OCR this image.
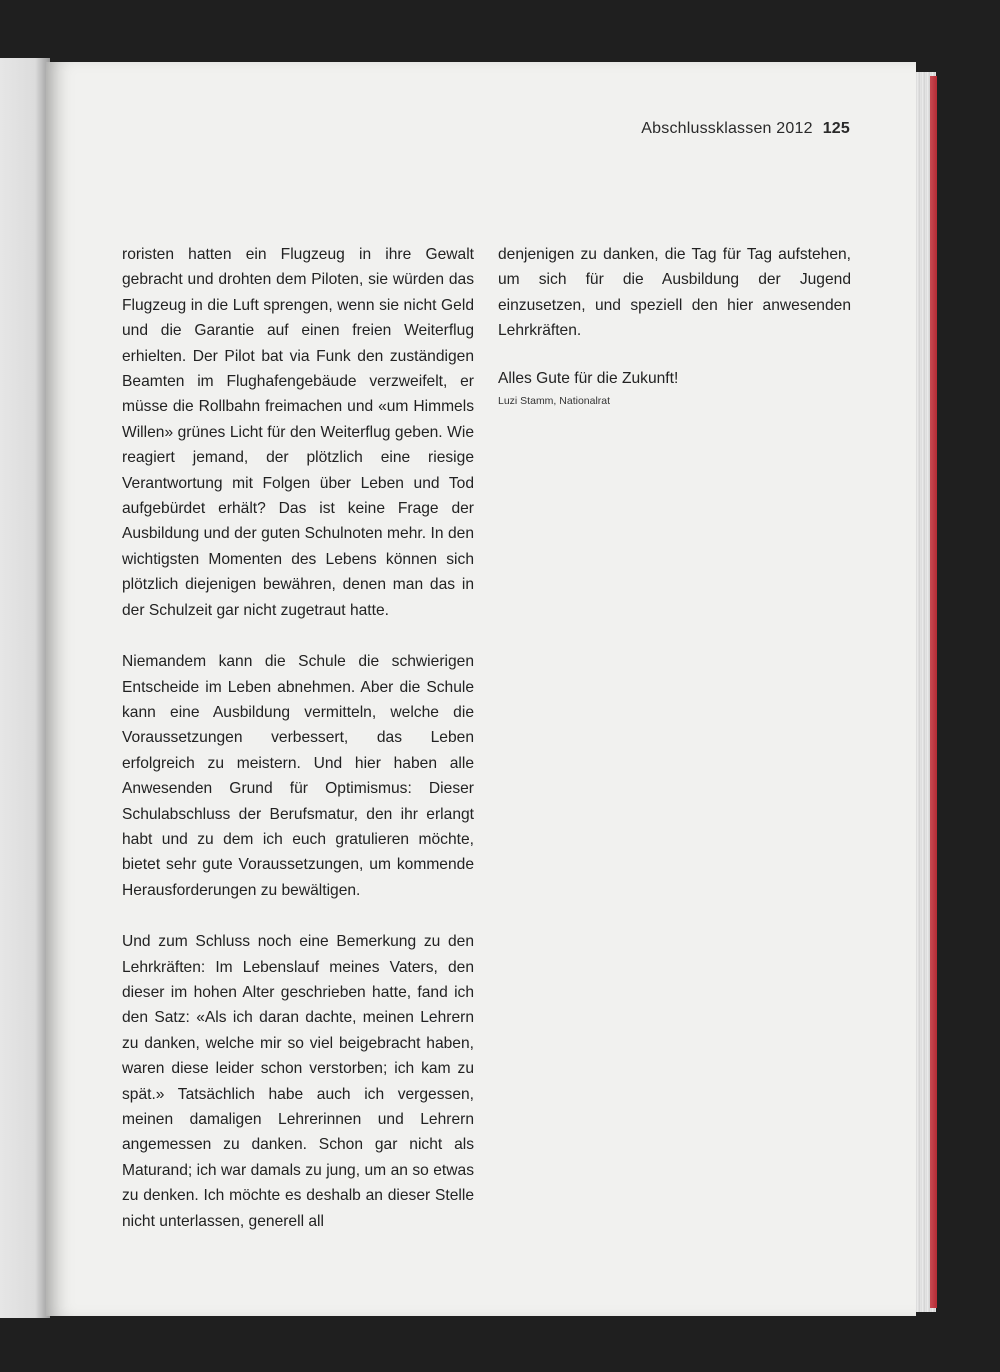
Abschlussklassen 2012 125

roristen hatten ein Flugzeug in ihre Gewalt gebracht und drohten dem Piloten, sie würden das Flugzeug in die Luft sprengen, wenn sie nicht Geld und die Garantie auf einen freien Weiterflug erhielten. Der Pilot bat via Funk den zuständigen Beamten im Flughafengebäude verzweifelt, er müsse die Rollbahn freimachen und «um Himmels Willen» grünes Licht für den Weiterflug geben. Wie reagiert jemand, der plötzlich eine riesige Verantwortung mit Folgen über Leben und Tod aufgebürdet erhält? Das ist keine Frage der Ausbildung und der guten Schulnoten mehr. In den wichtigsten Momenten des Lebens können sich plötzlich diejenigen bewähren, denen man das in der Schulzeit gar nicht zugetraut hatte.

Niemandem kann die Schule die schwierigen Entscheide im Leben abnehmen. Aber die Schule kann eine Ausbildung vermitteln, welche die Voraussetzungen verbessert, das Leben erfolgreich zu meistern. Und hier haben alle Anwesenden Grund für Optimismus: Dieser Schulabschluss der Berufsmatur, den ihr erlangt habt und zu dem ich euch gratulieren möchte, bietet sehr gute Voraussetzungen, um kommende Herausforderungen zu bewältigen.

Und zum Schluss noch eine Bemerkung zu den Lehrkräften: Im Lebenslauf meines Vaters, den dieser im hohen Alter geschrieben hatte, fand ich den Satz: «Als ich daran dachte, meinen Lehrern zu danken, welche mir so viel beigebracht haben, waren diese leider schon verstorben; ich kam zu spät.» Tatsächlich habe auch ich vergessen, meinen damaligen Lehrerinnen und Lehrern angemessen zu danken. Schon gar nicht als Maturand; ich war damals zu jung, um an so etwas zu denken. Ich möchte es deshalb an dieser Stelle nicht unterlassen, generell all

denjenigen zu danken, die Tag für Tag aufstehen, um sich für die Ausbildung der Jugend einzusetzen, und speziell den hier anwesenden Lehrkräften.

Alles Gute für die Zukunft!

Luzi Stamm, Nationalrat
